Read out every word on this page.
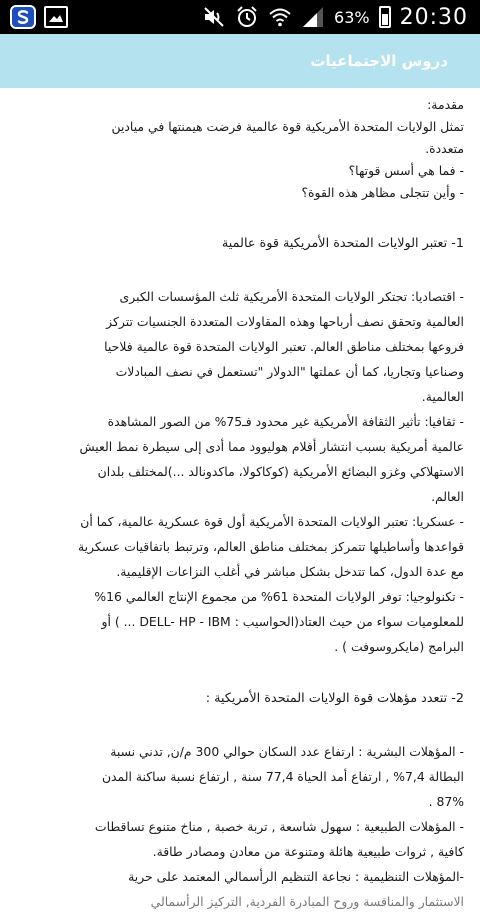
63% 20:30
دروس الاجتماعيات
مقدمة:
تمثل الولايات المتحدة الأمريكية قوة عالمية فرضت هيمنتها في ميادين
متعددة.
- فما هي أسس قوتها؟
- وأين تتجلى مظاهر هذه القوة؟
1- تعتبر الولايات المتحدة الأمريكية قوة عالمية
- اقتصاديا: تحتكر الولايات المتحدة الأمريكية ثلث المؤسسات الكبرى
العالمية وتحقق نصف أرباحها وهذه المقاولات المتعددة الجنسيات تتركز
فروعها بمختلف مناطق العالم. تعتبر الولايات المتحدة قوة عالمية فلاحيا
وصناعيا وتجاريا، كما أن عملتها "الدولار "تستعمل في نصف المبادلات
العالمية.
- ثقافيا: تأثير الثقافة الأمريكية غير محدود فـ75% من الصور المشاهدة
عالمية أمريكية بسبب انتشار أفلام هوليوود مما أدى إلى سيطرة نمط العيش
الاستهلاكي وغزو البضائع الأمريكية (كوكاكولا، ماكدونالد ...)لمختلف بلدان
العالم.
- عسكريا: تعتبر الولايات المتحدة الأمريكية أول قوة عسكرية عالمية، كما أن
قواعدها وأساطيلها تتمركز بمختلف مناطق العالم، وترتبط باتفاقيات عسكرية
مع عدة الدول، كما تتدخل بشكل مباشر في أغلب النزاعات الإقليمية.
- تكنولوجيا: توفر الولايات المتحدة 61% من مجموع الإنتاج العالمي 16%
للمعلوميات سواء من حيث العتاد(الحواسيب : DELL- HP - IBM ... ) أو
البرامج (مايكروسوفت ) .
2- تتعدد مؤهلات قوة الولايات المتحدة الأمريكية :
- المؤهلات البشرية : ارتفاع عدد السكان حوالي 300 م/ن, تدني نسبة
البطالة 7,4% , ارتفاع أمد الحياة 77,4 سنة , ارتفاع نسبة ساكنة المدن
87% .
- المؤهلات الطبيعية : سهول شاسعة , تربة خصبة , مناخ متنوع تساقطات
كافية , ثروات طبيعية هائلة ومتنوعة من معادن ومصادر طاقة.
-المؤهلات التنظيمية : نجاعة التنظيم الرأسمالي المعتمد على حرية
الاستثمار والمنافسة وروح المبادرة الفردية, التركيز الرأسمالي
